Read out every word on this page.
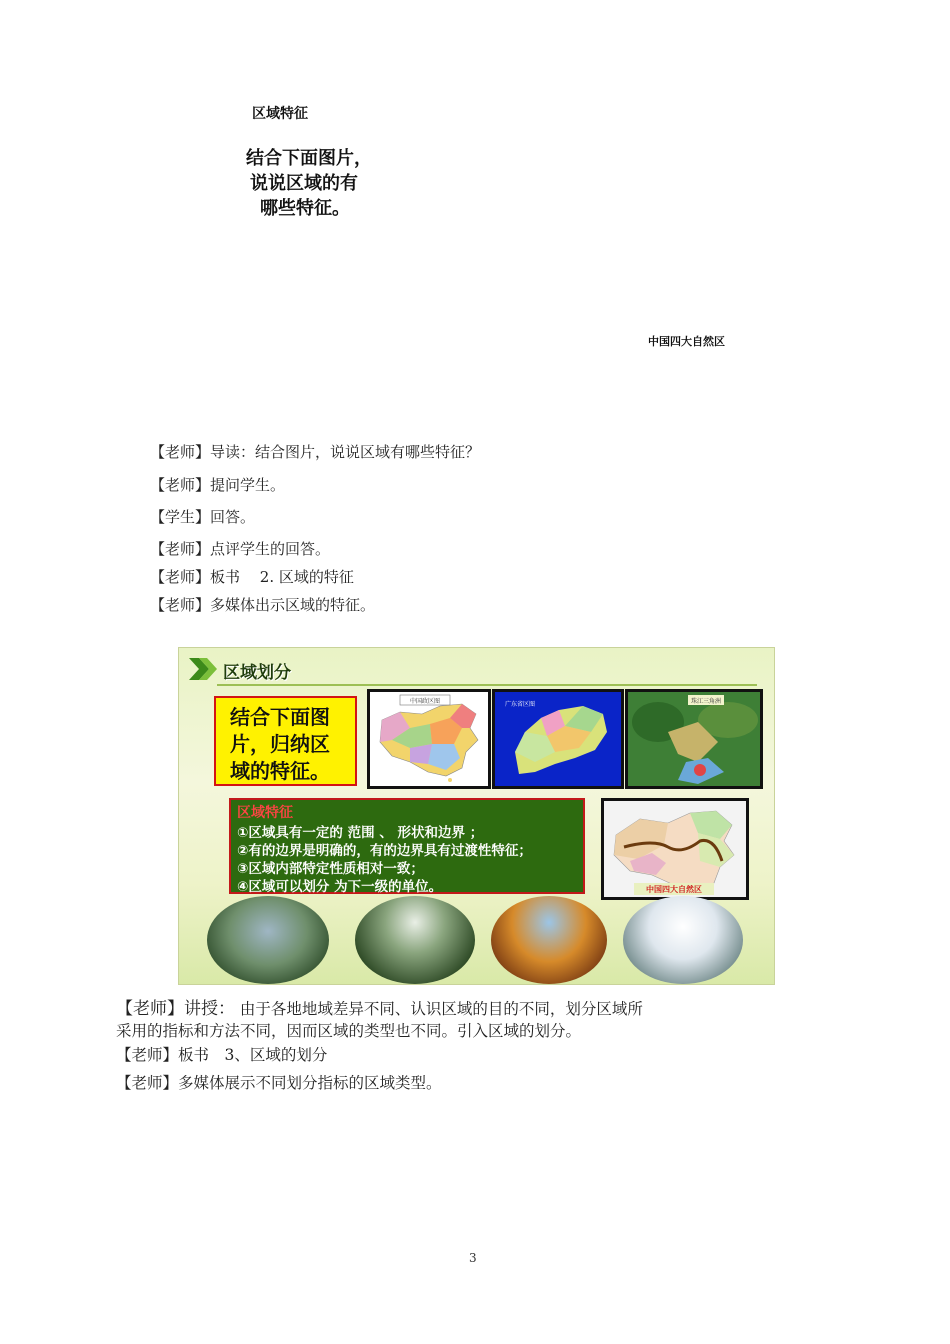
区域特征
结合下面图片，
说说区域的有
哪些特征。
中国四大自然区
【老师】导读：结合图片，说说区域有哪些特征？
【老师】提问学生。
【学生】回答。
【老师】点评学生的回答。
【老师】板书　 2. 区域的特征
【老师】多媒体出示区域的特征。
区域划分
结合下面图
片，归纳区
域的特征。
中国政区图	广东省区图	珠江三角洲
中国四大自然区
区域特征
①区域具有一定的 范围 、 形状和边界 ；
②有的边界是明确的，有的边界具有过渡性特征；
③区域内部特定性质相对一致；
④区域可以划分 为下一级的单位。
【老师】讲授： 由于各地地域差异不同、认识区域的目的不同，划分区域所
采用的指标和方法不同，因而区域的类型也不同。引入区域的划分。
【老师】板书　3、区域的划分
【老师】多媒体展示不同划分指标的区域类型。
3
